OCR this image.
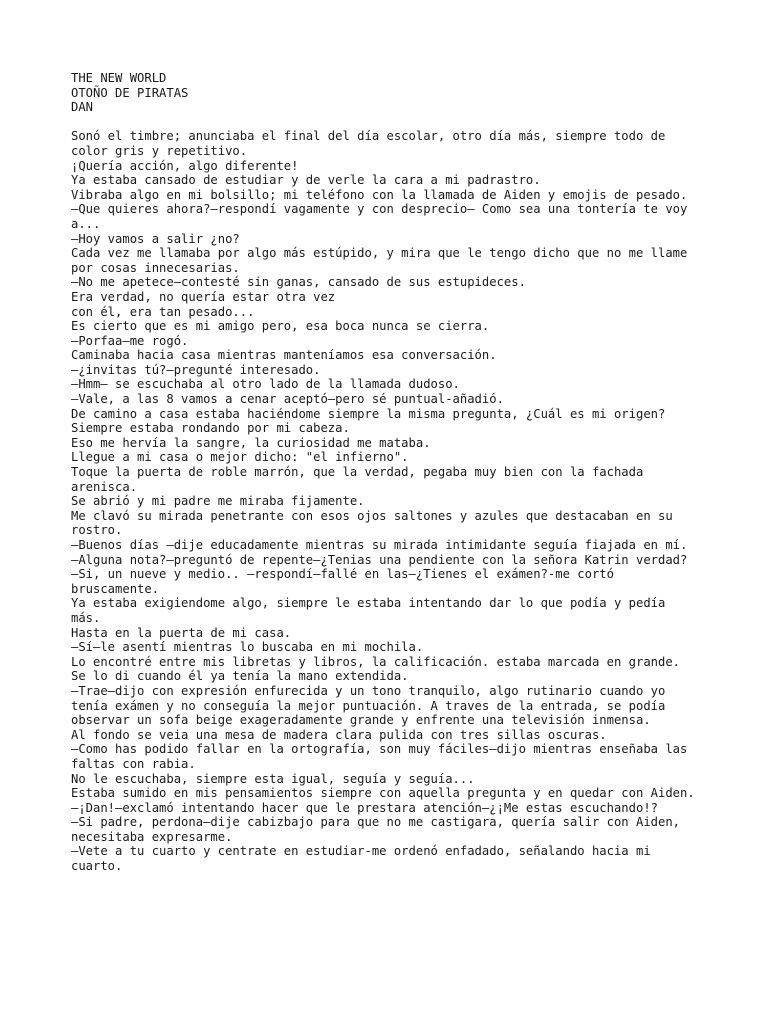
THE NEW WORLD
OTOÑO DE PIRATAS
DAN
Sonó el timbre; anunciaba el final del día escolar, otro día más, siempre todo de color gris y repetitivo.
¡Quería acción, algo diferente!
Ya estaba cansado de estudiar y de verle la cara a mi padrastro.
Vibraba algo en mi bolsillo; mi teléfono con la llamada de Aiden y emojis de pesado.
—Que quieres ahora?—respondí vagamente y con desprecio— Como sea una tontería te voy a...
—Hoy vamos a salir ¿no?
Cada vez me llamaba por algo más estúpido, y mira que le tengo dicho que no me llame por cosas innecesarias.
—No me apetece—contesté sin ganas, cansado de sus estupideces.
Era verdad, no quería estar otra vez
con él, era tan pesado...
Es cierto que es mi amigo pero, esa boca nunca se cierra.
—Porfaa—me rogó.
Caminaba hacia casa mientras manteníamos esa conversación.
—¿invitas tú?—pregunté interesado.
—Hmm— se escuchaba al otro lado de la llamada dudoso.
—Vale, a las 8 vamos a cenar aceptó—pero sé puntual-añadió.
De camino a casa estaba haciéndome siempre la misma pregunta, ¿Cuál es mi origen? Siempre estaba rondando por mi cabeza.
Eso me hervía la sangre, la curiosidad me mataba.
Llegue a mi casa o mejor dicho: "el infierno".
Toque la puerta de roble marrón, que la verdad, pegaba muy bien con la fachada arenisca.
Se abrió y mi padre me miraba fijamente.
Me clavó su mirada penetrante con esos ojos saltones y azules que destacaban en su rostro.
—Buenos días —dije educadamente mientras su mirada intimidante seguía fiajada en mí.
—Alguna nota?—preguntó de repente—¿Tenias una pendiente con la señora Katrin verdad?
—Si, un nueve y medio.. —respondí—fallé en las—¿Tienes el exámen?-me cortó bruscamente.
Ya estaba exigiendome algo, siempre le estaba intentando dar lo que podía y pedía más.
Hasta en la puerta de mi casa.
—Sí—le asentí mientras lo buscaba en mi mochila.
Lo encontré entre mis libretas y libros, la calificación. estaba marcada en grande.
Se lo di cuando él ya tenía la mano extendida.
—Trae—dijo con expresión enfurecida y un tono tranquilo, algo rutinario cuando yo tenía exámen y no conseguía la mejor puntuación. A traves de la entrada, se podía observar un sofa beige exageradamente grande y enfrente una televisión inmensa.
Al fondo se veia una mesa de madera clara pulida con tres sillas oscuras.
—Como has podido fallar en la ortografía, son muy fáciles—dijo mientras enseñaba las faltas con rabia.
No le escuchaba, siempre esta igual, seguía y seguía...
Estaba sumido en mis pensamientos siempre con aquella pregunta y en quedar con Aiden.
—¡Dan!—exclamó intentando hacer que le prestara atención—¿¡Me estas escuchando!?
—Si padre, perdona—dije cabizbajo para que no me castigara, quería salir con Aiden, necesitaba expresarme.
—Vete a tu cuarto y centrate en estudiar-me ordenó enfadado, señalando hacia mi cuarto.
